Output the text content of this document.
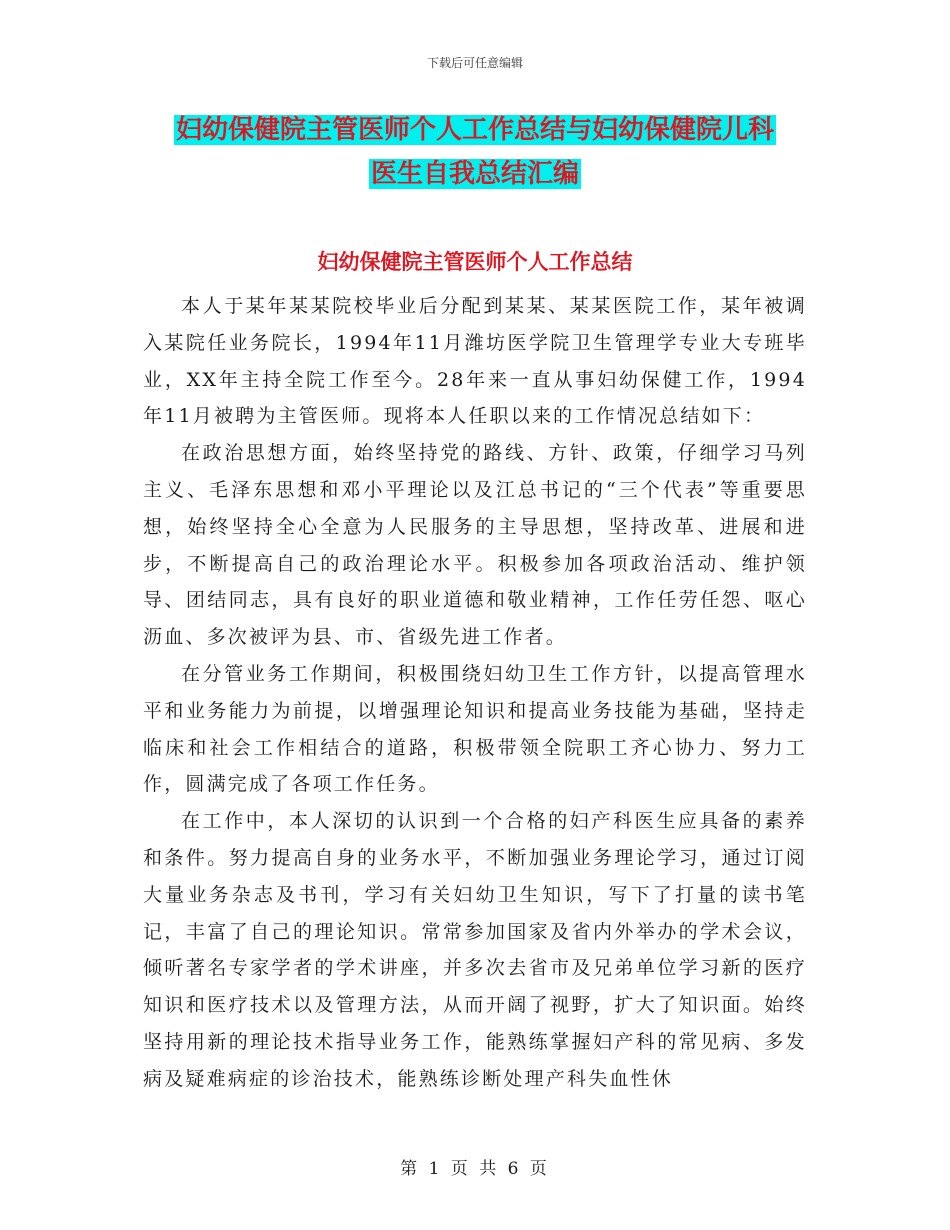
下载后可任意编辑
妇幼保健院主管医师个人工作总结与妇幼保健院儿科
医生自我总结汇编
妇幼保健院主管医师个人工作总结

本人于某年某某院校毕业后分配到某某、某某医院工作，某年被调入某院任业务院长，1994年11月潍坊医学院卫生管理学专业大专班毕业，XX年主持全院工作至今。28年来一直从事妇幼保健工作，1994年11月被聘为主管医师。现将本人任职以来的工作情况总结如下：

在政治思想方面，始终坚持党的路线、方针、政策，仔细学习马列主义、毛泽东思想和邓小平理论以及江总书记的“三个代表”等重要思想，始终坚持全心全意为人民服务的主导思想，坚持改革、进展和进步，不断提高自己的政治理论水平。积极参加各项政治活动、维护领导、团结同志，具有良好的职业道德和敬业精神，工作任劳任怨、呕心沥血、多次被评为县、市、省级先进工作者。

在分管业务工作期间，积极围绕妇幼卫生工作方针，以提高管理水平和业务能力为前提，以增强理论知识和提高业务技能为基础，坚持走临床和社会工作相结合的道路，积极带领全院职工齐心协力、努力工作，圆满完成了各项工作任务。

在工作中，本人深切的认识到一个合格的妇产科医生应具备的素养和条件。努力提高自身的业务水平，不断加强业务理论学习，通过订阅大量业务杂志及书刊，学习有关妇幼卫生知识，写下了打量的读书笔记，丰富了自己的理论知识。常常参加国家及省内外举办的学术会议，倾听著名专家学者的学术讲座，并多次去省市及兄弟单位学习新的医疗知识和医疗技术以及管理方法，从而开阔了视野，扩大了知识面。始终坚持用新的理论技术指导业务工作，能熟练掌握妇产科的常见病、多发病及疑难病症的诊治技术，能熟练诊断处理产科失血性休

第 1 页 共 6 页
